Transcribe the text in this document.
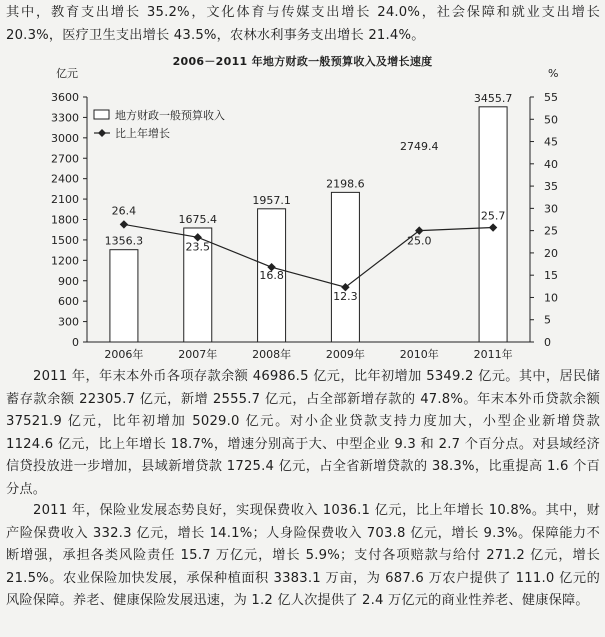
其中，教育支出增长 35.2%，文化体育与传媒支出增长 24.0%，社会保障和就业支出增长 20.3%，医疗卫生支出增长 43.5%，农林水利事务支出增长 21.4%。
2006－2011 年地方财政一般预算收入及增长速度
0
300
600
900
1200
1500
1800
2100
2400
2700
3000
3300
3600
0
5
10
15
20
25
30
35
40
45
50
55
亿元	%
2006年	2007年	2008年	2009年	2010年	2011年
1356.3
1675.4
1957.1
2198.6
2749.4
3455.7
26.4
23.5
16.8
12.3
25.0
25.7
地方财政一般预算收入
比上年增长
2011 年，年末本外币各项存款余额 46986.5 亿元，比年初增加 5349.2 亿元。其中，居民储蓄存款余额 22305.7 亿元，新增 2555.7 亿元，占全部新增存款的 47.8%。年末本外币贷款余额 37521.9 亿元，比年初增加 5029.0 亿元。对小企业贷款支持力度加大，小型企业新增贷款 1124.6 亿元，比上年增长 18.7%，增速分别高于大、中型企业 9.3 和 2.7 个百分点。对县域经济信贷投放进一步增加，县域新增贷款 1725.4 亿元，占全省新增贷款的 38.3%，比重提高 1.6 个百分点。
2011 年，保险业发展态势良好，实现保费收入 1036.1 亿元，比上年增长 10.8%。其中，财产险保费收入 332.3 亿元，增长 14.1%；人身险保费收入 703.8 亿元，增长 9.3%。保障能力不断增强，承担各类风险责任 15.7 万亿元，增长 5.9%；支付各项赔款与给付 271.2 亿元，增长 21.5%。农业保险加快发展，承保种植面积 3383.1 万亩，为 687.6 万农户提供了 111.0 亿元的风险保障。养老、健康保险发展迅速，为 1.2 亿人次提供了 2.4 万亿元的商业性养老、健康保障。
